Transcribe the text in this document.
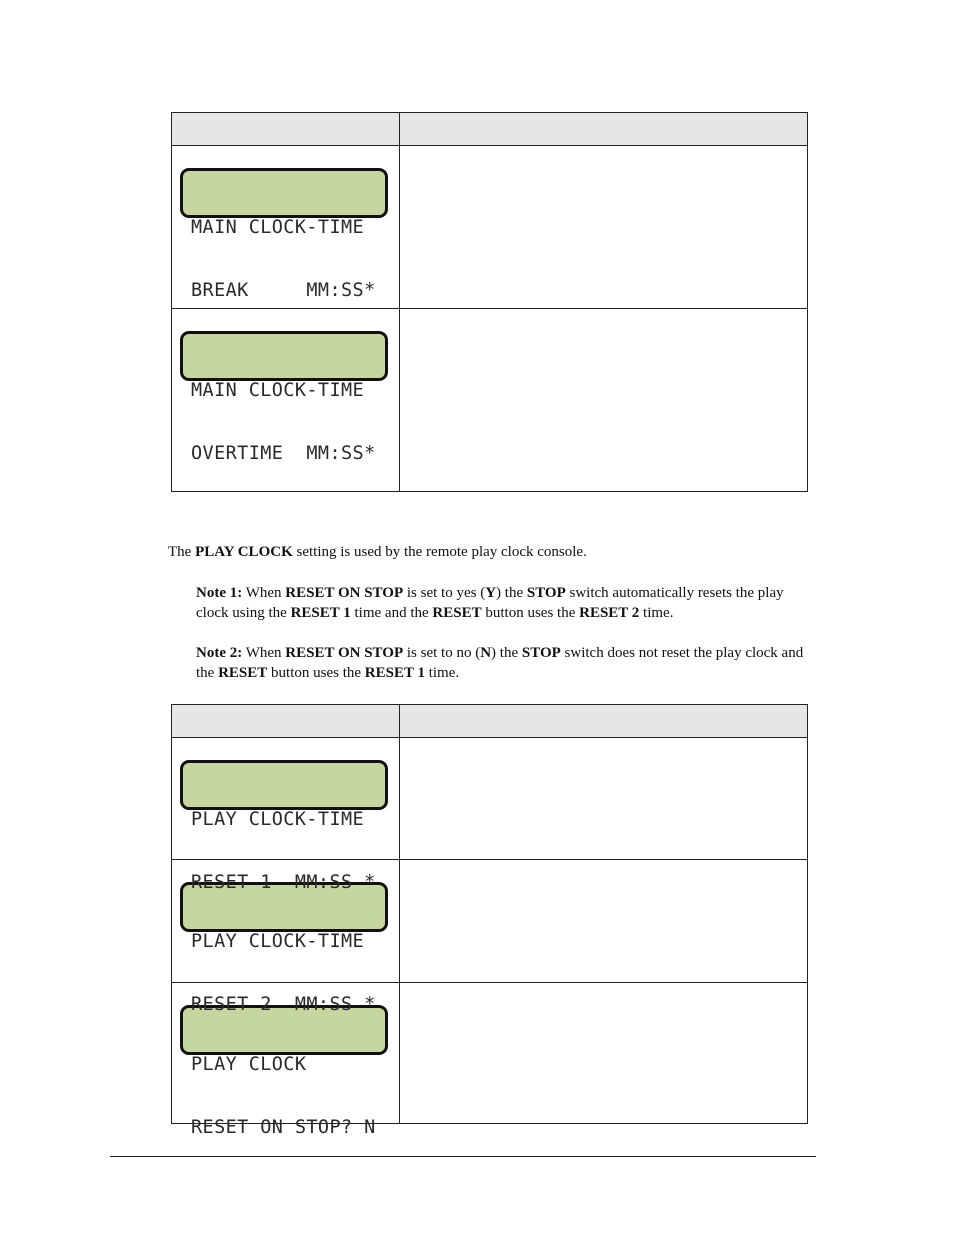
MAIN CLOCK-TIME

BREAK     MM:SS*	

MAIN CLOCK-TIME

OVERTIME  MM:SS*	

The PLAY CLOCK setting is used by the remote play clock console.
Note 1: When RESET ON STOP is set to yes (Y) the STOP switch automatically resets the play clock using the RESET 1 time and the RESET button uses the RESET 2 time.
Note 2: When RESET ON STOP is set to no (N) the STOP switch does not reset the play clock and the RESET button uses the RESET 1 time.

PLAY CLOCK-TIME

RESET 1  MM:SS *	

PLAY CLOCK-TIME

RESET 2  MM:SS *	

PLAY CLOCK

RESET ON STOP? N	
